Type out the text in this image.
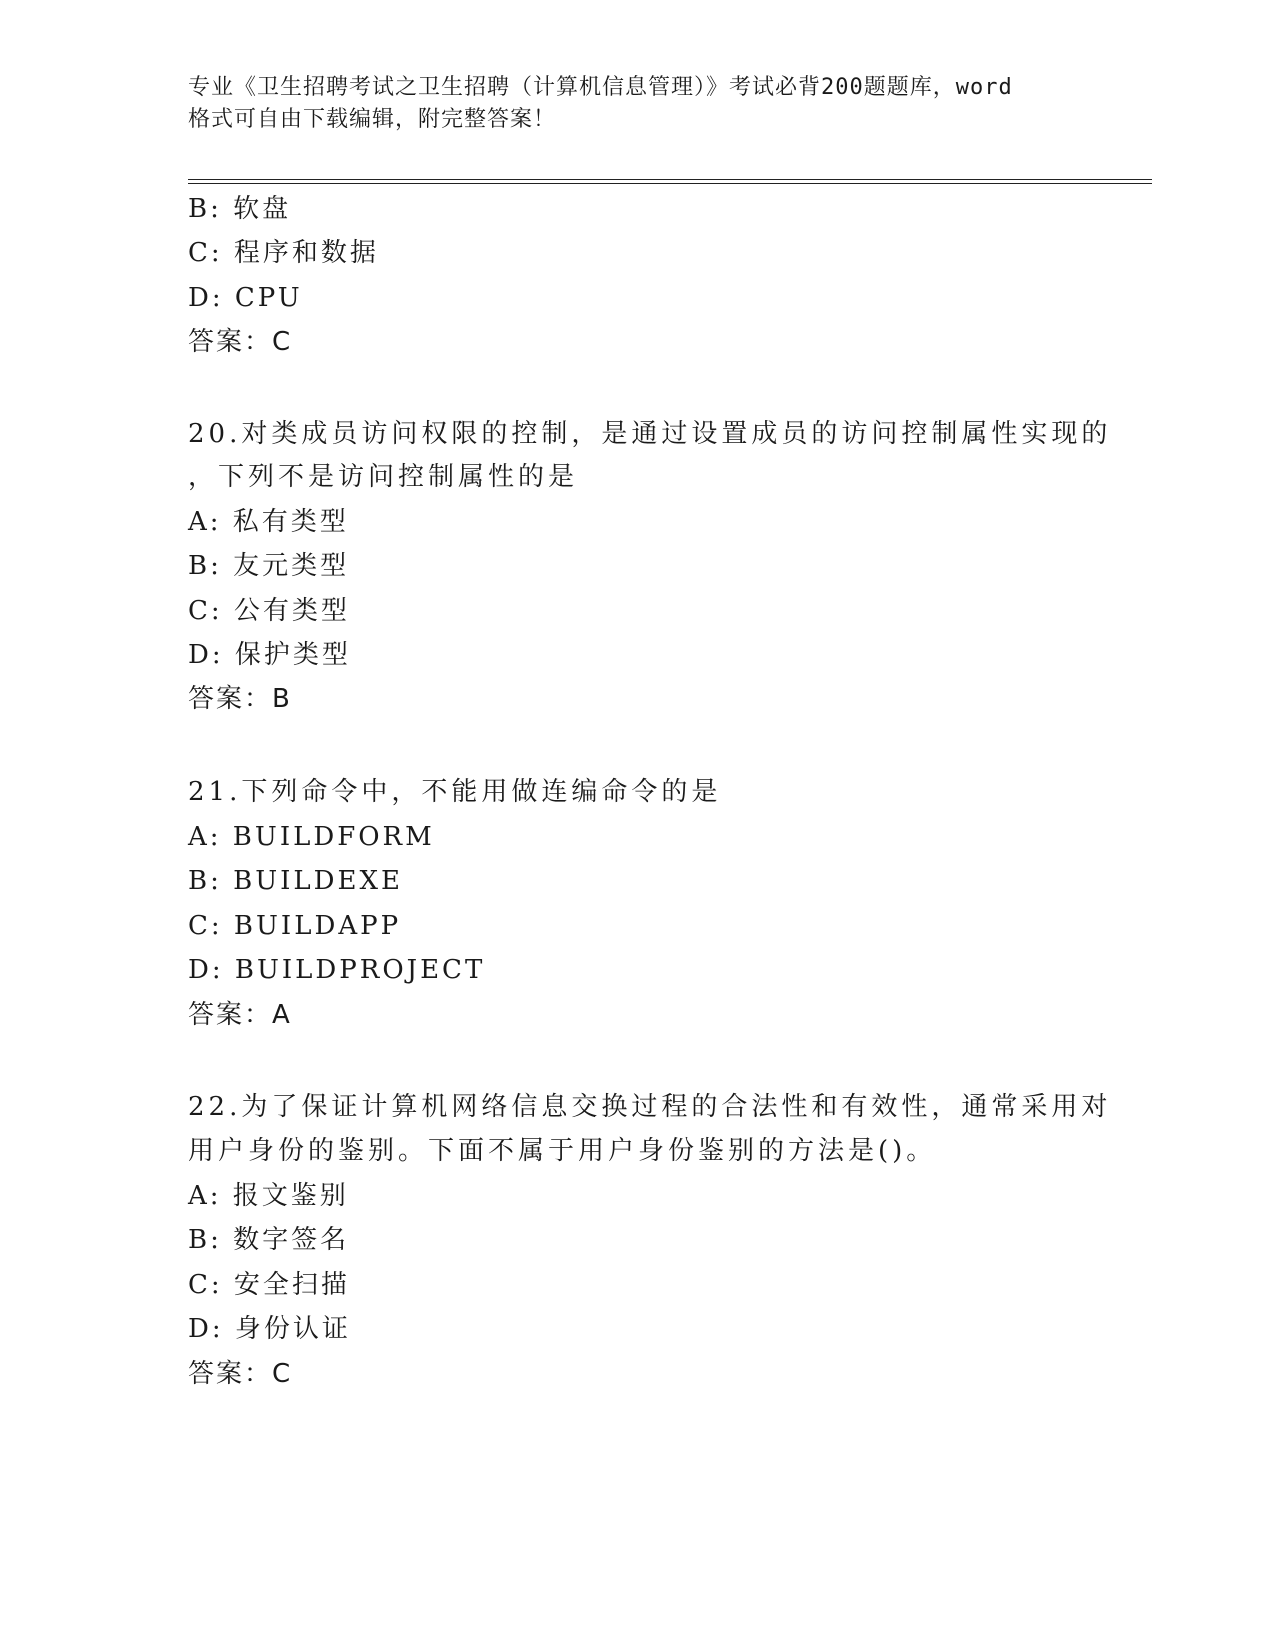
专业《卫生招聘考试之卫生招聘（计算机信息管理）》考试必背200题题库，word
格式可自由下载编辑，附完整答案！
B: 软盘
C: 程序和数据
D: CPU
答案：C
20.对类成员访问权限的控制，是通过设置成员的访问控制属性实现的
，下列不是访问控制属性的是
A: 私有类型
B: 友元类型
C: 公有类型
D: 保护类型
答案：B
21.下列命令中，不能用做连编命令的是
A: BUILDFORM
B: BUILDEXE
C: BUILDAPP
D: BUILDPROJECT
答案：A
22.为了保证计算机网络信息交换过程的合法性和有效性，通常采用对
用户身份的鉴别。下面不属于用户身份鉴别的方法是()。
A: 报文鉴别
B: 数字签名
C: 安全扫描
D: 身份认证
答案：C
